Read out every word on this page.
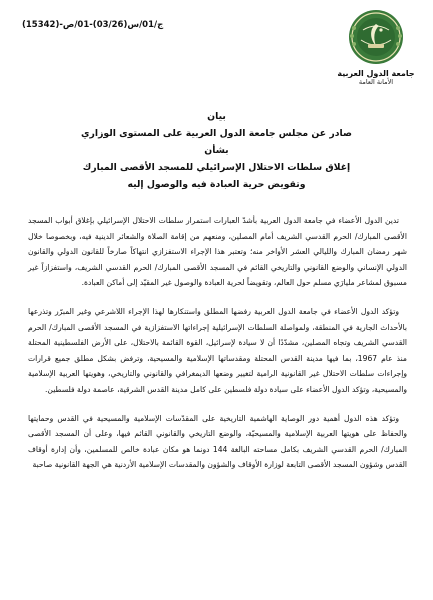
ج/01/س(03/26)-01/ص-(15342)
جامعة الدول العربية
الأمانة العامة
بيان
صادر عن مجلس جامعة الدول العربية على المستوى الوزاري
بشأن
إغلاق سلطات الاحتلال الإسرائيلي للمسجد الأقصى المبارك
وتقويض حرية العبادة فيه والوصول إليه

تدين الدول الأعضاء في جامعة الدول العربية بأشدّ العبارات استمرار سلطات الاحتلال الإسرائيلي بإغلاق أبواب المسجد الأقصى المبارك/ الحرم القدسي الشريف أمام المصلين، ومنعهم من إقامة الصلاة والشعائر الدينية فيه، وبخصوصا خلال شهر رمضان المبارك والليالي العشر الأواخر منه؛ وتعتبر هذا الإجراء الاستفزازي انتهاكاً صارخاً للقانون الدولي والقانون الدولي الإنساني والوضع القانوني والتاريخي القائم في المسجد الأقصى المبارك/ الحرم القدسي الشريف، واستفزازاً غير مسبوق لمشاعر مليارَي مسلم حول العالم، وتقويضاً لحرية العبادة والوصول غير المقيّد إلى أماكن العبادة.

وتؤكد الدول الأعضاء في جامعة الدول العربية رفضها المطلق واستنكارها لهذا الإجراء اللاشرعي وغير المبرّر وتذرعها بالأحداث الجارية في المنطقة، ولمواصلة السلطات الإسرائيلية إجراءاتها الاستفزازية في المسجد الأقصى المبارك/ الحرم القدسي الشريف وتجاه المصلين، مشدّدًا أن لا سيادة لإسرائيل، القوة القائمة بالاحتلال، على الأرض الفلسطينية المحتلة منذ عام 1967، بما فيها مدينة القدس المحتلة ومقدساتها الإسلامية والمسيحية، وترفض بشكل مطلق جميع قرارات وإجراءات سلطات الاحتلال غير القانونية الرامية لتغيير وضعها الديمغرافي والقانوني والتاريخي، وهويتها العربية الإسلامية والمسيحية، وتؤكد الدول الأعضاء على سيادة دولة فلسطين على كامل مدينة القدس الشرقية، عاصمة دولة فلسطين.

وتؤكد هذه الدول أهمية دور الوصاية الهاشمية التاريخية على المقدّسات الإسلامية والمسيحية في القدس وحمايتها والحفاظ على هويتها العربية الإسلامية والمسيحيّة، والوضع التاريخي والقانوني القائم فيها، وعلى أن المسجد الأقصى المبارك/ الحرم القدسي الشريف بكامل مساحته البالغة 144 دونما هو مكان عبادة خالص للمسلمين، وأن إدارة أوقاف القدس وشؤون المسجد الأقصى التابعة لوزارة الأوقاف والشؤون والمقدسات الإسلامية الأردنية هي الجهة القانونية صاحبة
